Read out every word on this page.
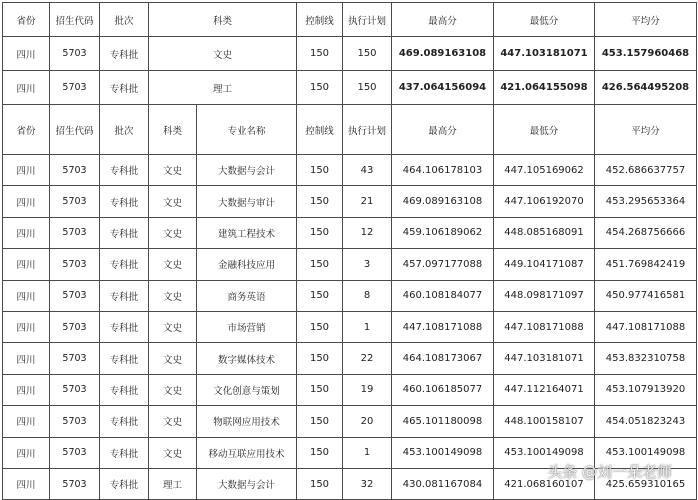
省份	招生代码	批次	科类	控制线	执行计划	最高分	最低分	平均分
四川	5703	专科批	文史	150	150	469.089163108	447.103181071	453.157960468
四川	5703	专科批	理工	150	150	437.064156094	421.064155098	426.564495208
省份	招生代码	批次	科类	专业名称	控制线	执行计划	最高分	最低分	平均分
四川	5703	专科批	文史	大数据与会计	150	43	464.106178103	447.105169062	452.686637757
四川	5703	专科批	文史	大数据与审计	150	21	469.089163108	447.106192070	453.295653364
四川	5703	专科批	文史	建筑工程技术	150	12	459.106189062	448.085168091	454.268756666
四川	5703	专科批	文史	金融科技应用	150	3	457.097177088	449.104171087	451.769842419
四川	5703	专科批	文史	商务英语	150	8	460.108184077	448.098171097	450.977416581
四川	5703	专科批	文史	市场营销	150	1	447.108171088	447.108171088	447.108171088
四川	5703	专科批	文史	数字媒体技术	150	22	464.108173067	447.103181071	453.832310758
四川	5703	专科批	文史	文化创意与策划	150	19	460.106185077	447.112164071	453.107913920
四川	5703	专科批	文史	物联网应用技术	150	20	465.101180098	448.100158107	454.051823243
四川	5703	专科批	文史	移动互联应用技术	150	1	453.100149098	453.100149098	453.100149098
四川	5703	专科批	理工	大数据与会计	150	32	430.081167084	421.068160107	425.659310165
头条 @刘一朵老师
